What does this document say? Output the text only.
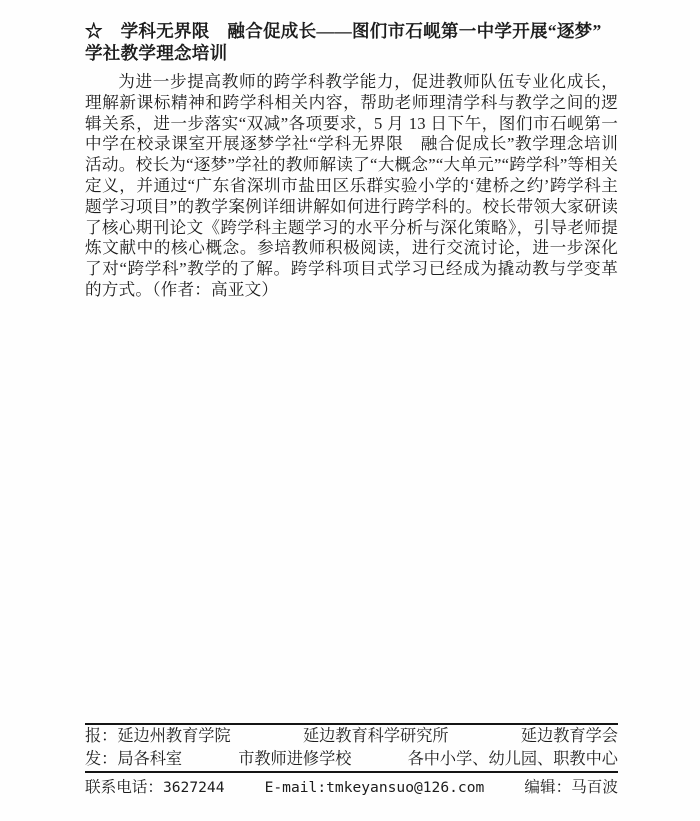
☆　学科无界限　融合促成长——图们市石岘第一中学开展“逐梦”
学社教学理念培训

为进一步提高教师的跨学科教学能力，促进教师队伍专业化成长，理解新课标精神和跨学科相关内容，帮助老师理清学科与教学之间的逻辑关系，进一步落实“双减”各项要求，5 月 13 日下午，图们市石岘第一中学在校录课室开展逐梦学社“学科无界限　融合促成长”教学理念培训活动。校长为“逐梦”学社的教师解读了“大概念”“大单元”“跨学科”等相关定义，并通过“广东省深圳市盐田区乐群实验小学的‘建桥之约’跨学科主题学习项目”的教学案例详细讲解如何进行跨学科的。校长带领大家研读了核心期刊论文《跨学科主题学习的水平分析与深化策略》，引导老师提炼文献中的核心概念。参培教师积极阅读，进行交流讨论，进一步深化了对“跨学科”教学的了解。跨学科项目式学习已经成为撬动教与学变革的方式。（作者：高亚文）

报：延边州教育学院	延边教育科学研究所	延边教育学会
发：局各科室	市教师进修学校	各中小学、幼儿园、职教中心
联系电话：3627244	E-mail:tmkeyansuo@126.com	编辑：马百波
